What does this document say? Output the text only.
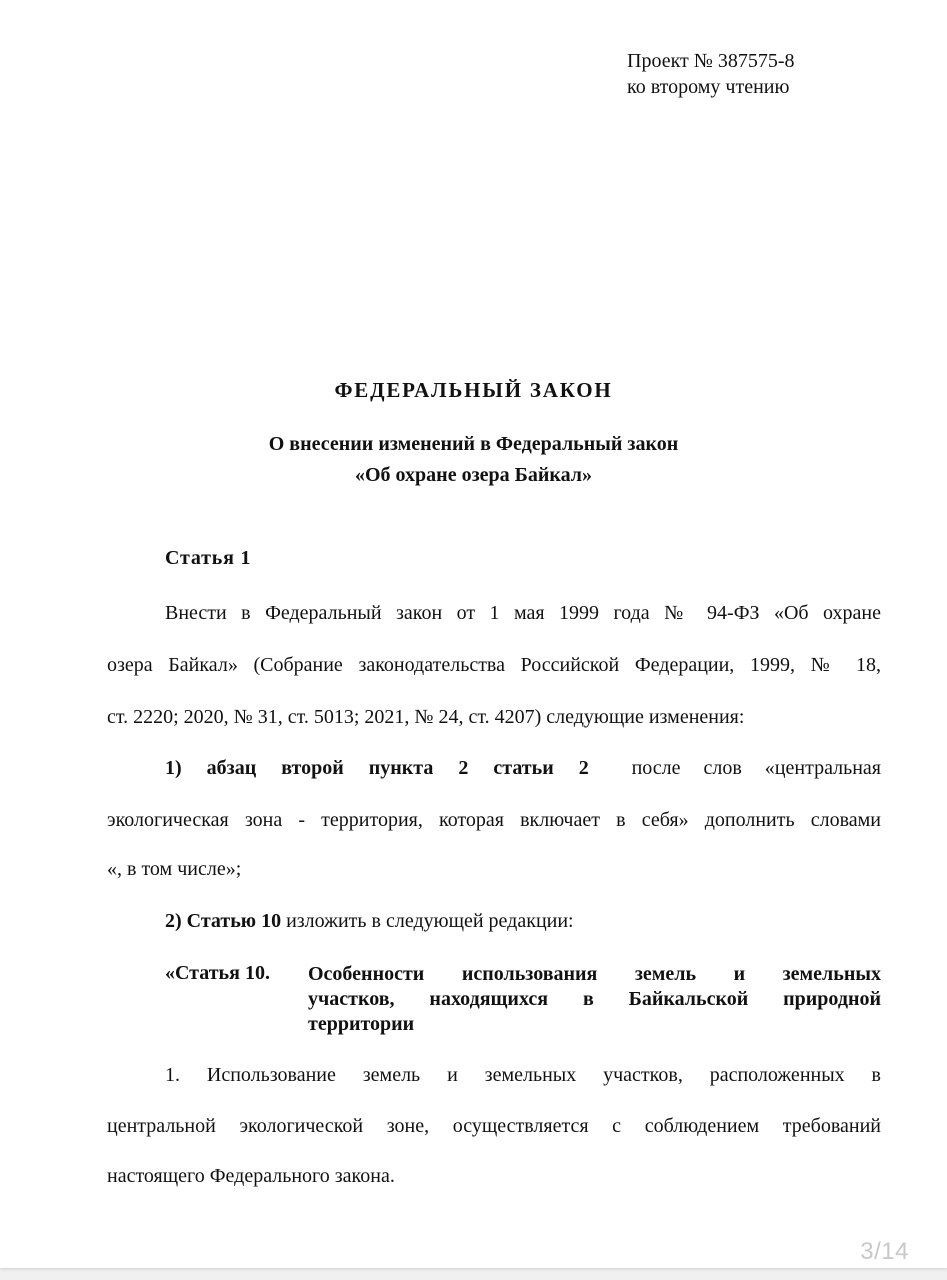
Проект № 387575-8
ко второму чтению
ФЕДЕРАЛЬНЫЙ ЗАКОН
О внесении изменений в Федеральный закон
«Об охране озера Байкал»
Статья 1
Внести в Федеральный закон от 1 мая 1999 года № 94-ФЗ «Об охране
озера Байкал» (Собрание законодательства Российской Федерации, 1999, № 18,
ст. 2220; 2020, № 31, ст. 5013; 2021, № 24, ст. 4207) следующие изменения:
1) абзац второй пункта 2 статьи 2 после слов «центральная
экологическая зона - территория, которая включает в себя» дополнить словами
«, в том числе»;
2) Статью 10 изложить в следующей редакции:
«Статья 10. Особенности использования земель и земельных
участков, находящихся в Байкальской природной
территории
1. Использование земель и земельных участков, расположенных в
центральной экологической зоне, осуществляется с соблюдением требований
настоящего Федерального закона.
3/14
